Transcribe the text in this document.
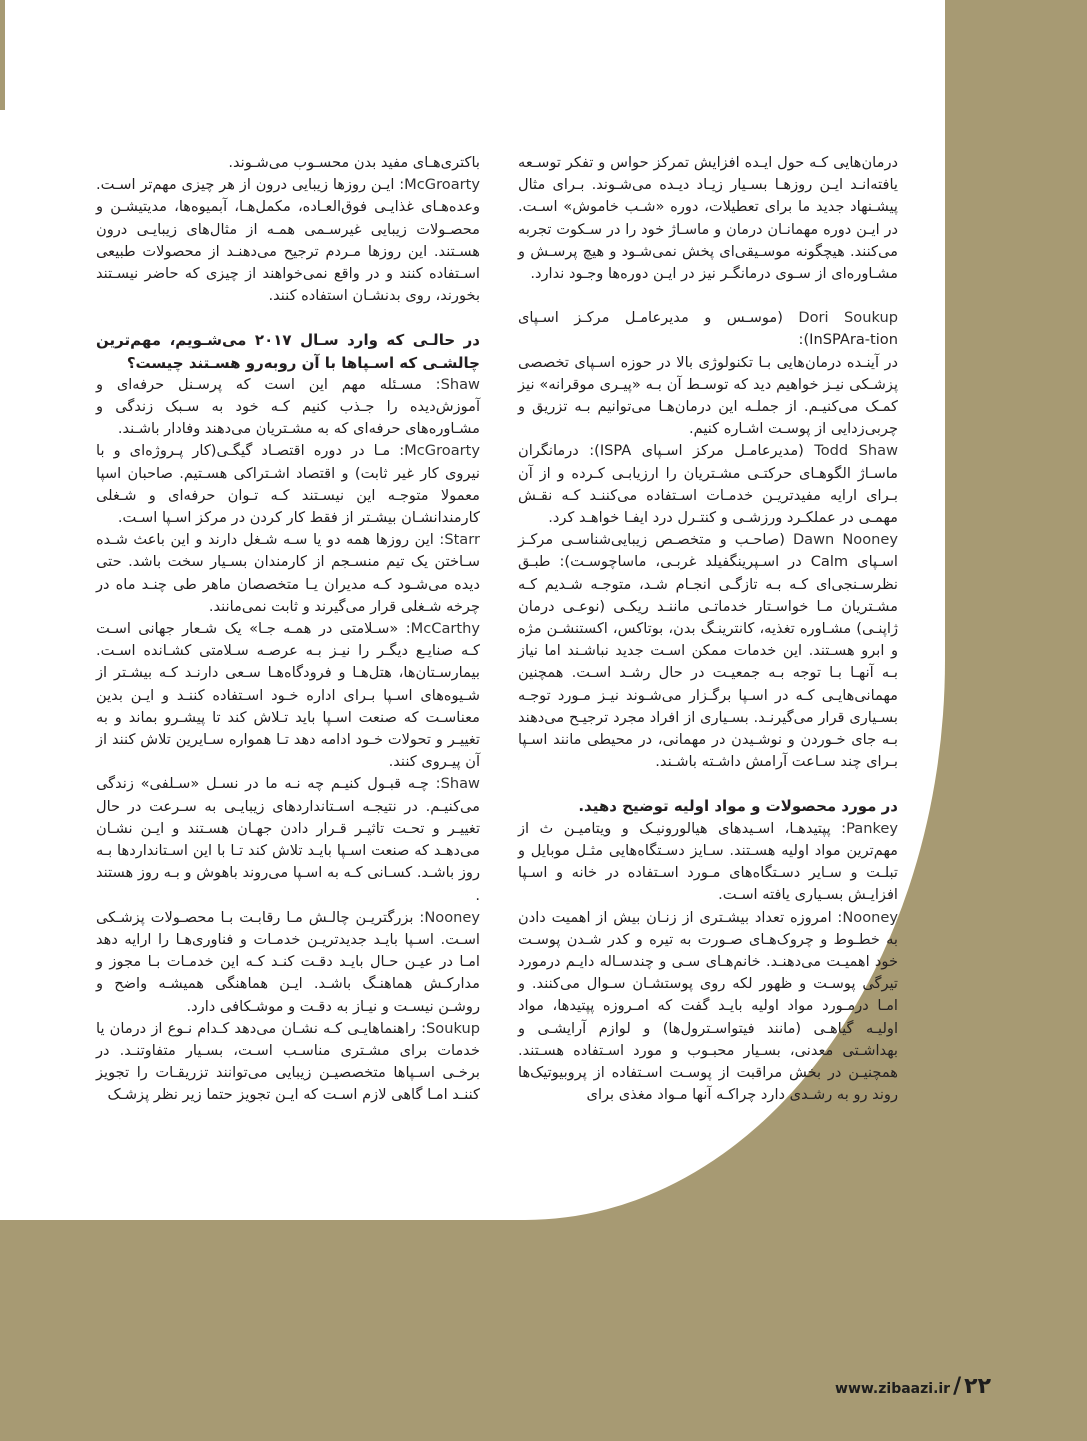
درمان‌هایی کـه حول ایـده افزایش تمرکز حواس و تفکر توسـعه یافته‌انـد ایـن روزهـا بسـیار زیـاد دیـده می‌شـوند. بـرای مثال پیشـنهاد جدید ما برای تعطیلات، دوره «شـب خاموش» اسـت. در ایـن دوره مهمانـان درمان و ماسـاژ خود را در سـکوت تجربه می‌کنند. هیچگونه موسـیقی‌ای پخش نمی‌شـود و هیچ پرسـش و مشـاوره‌ای از سـوی درمانگـر نیز در ایـن دوره‌ها وجـود ندارد.

Dori Soukup (موسـس و مدیرعامـل مرکـز اسـپای InSPAra-tion):

در آینـده درمان‌هایی بـا تکنولوژی بالا در حوزه اسـپای تخصصی پزشـکی نیـز خواهیم دید که توسـط آن بـه «پیـری موقرانه» نیز کمـک می‌کنیـم. از جملـه این درمان‌هـا می‌توانیم بـه تزریق و چربی‌زدایی از پوسـت اشـاره کنیم.

Todd Shaw (مدیرعامـل مرکز اسـپای ISPA): درمانگران ماسـاژ الگوهـای حرکتـی مشـتریان را ارزیابـی کـرده و از آن بـرای ارایه مفیدتریـن خدمـات اسـتفاده می‌کننـد کـه نقـش مهمـی در عملکـرد ورزشـی و کنتـرل درد ایفـا خواهـد کرد.

Dawn Nooney (صاحـب و متخصـص زیبایی‌شناسـی مرکـز اسـپای Calm در اسـپرینگفیلد غربـی، ماساچوسـت): طبـق نظرسـنجی‌ای کـه بـه تازگـی انجـام شـد، متوجـه شـدیم کـه مشـتریان مـا خواسـتار خدماتـی ماننـد ریکـی (نوعـی درمان ژاپنـی) مشـاوره تغذیه، کانترینـگ بدن، بوتاکس، اکستنشـن مژه و ابرو هسـتند. این خدمات ممکن اسـت جدید نباشـند اما نیاز بـه آنهـا بـا توجه بـه جمعیـت در حال رشـد اسـت. همچنین مهمانی‌هایـی کـه در اسـپا برگـزار می‌شـوند نیـز مـورد توجـه بسـیاری قرار می‌گیرنـد. بسـیاری از افراد مجرد ترجیـح می‌دهند بـه جای خـوردن و نوشـیدن در مهمانی، در محیطی مانند اسـپا بـرای چند سـاعت آرامش داشـته باشـند.

در مورد محصولات و مواد اولیه توضیح دهید.

Pankey: پپتیدهـا، اسـیدهای هیالورونیـک و ویتامیـن ث از مهم‌ترین مواد اولیه هسـتند. سـایز دسـتگاه‌هایی مثـل موبایل و تبلـت و سـایر دسـتگاه‌های مـورد اسـتفاده در خانه و اسـپا افزایـش بسـیاری یافته اسـت.

Nooney: امروزه تعداد بیشـتری از زنـان بیش از اهمیت دادن به خطـوط و چروک‌هـای صـورت به تیره و کدر شـدن پوسـت خود اهمیـت می‌دهنـد. خانم‌هـای سـی و چندسـاله دایـم درمورد تیرگی پوسـت و ظهور لکه روی پوستشـان سـوال می‌کنند. و امـا درمـورد مواد اولیه بایـد گفت که امـروزه پپتیدها، مواد اولیـه گیاهـی (مانند فیتواسـترول‌ها) و لوازم آرایشـی و بهداشـتی معدنی، بسـیار محبـوب و مورد اسـتفاده هسـتند. همچنیـن در بخش مراقبت از پوسـت اسـتفاده از پروبیوتیک‌ها روند رو به رشـدی دارد چراکـه آنها مـواد مغذی برای

باکتری‌هـای مفید بدن محسـوب می‌شـوند.

McGroarty: ایـن روزها زیبایی درون از هر چیزی مهم‌تر اسـت. وعده‌هـای غذایـی فوق‌العـاده، مکمل‌هـا، آبمیوه‌ها، مدیتیشـن و محصـولات زیبایی غیرسـمی همـه از مثال‌های زیبایـی درون هسـتند. این روزها مـردم ترجیح می‌دهنـد از محصولات طبیعی اسـتفاده کنند و در واقع نمی‌خواهند از چیزی که حاضر نیسـتند بخورند، روی بدنشـان استفاده کنند.

در حالـی که وارد سـال ۲۰۱۷ می‌شـویم، مهم‌ترین چالشـی که اسـپاها با آن روبه‌رو هسـتند چیست؟

Shaw: مسـئله مهم این است که پرسـنل حرفه‌ای و آموزش‌دیده را جـذب کنیم کـه خود به سـبک زندگی و مشـاوره‌های حرفه‌ای که به مشـتریان می‌دهند وفادار باشـند.

McGroarty: مـا در دوره اقتصـاد گیگـی(کار پـروژه‌ای و با نیروی کار غیر ثابت) و اقتصاد اشـتراکی هسـتیم. صاحبان اسپا معمولا متوجـه این نیسـتند کـه تـوان حرفه‌ای و شـغلی کارمندانشـان بیشـتر از فقط کار کردن در مرکز اسـپا اسـت.

Starr: این روزها همه دو یا سـه شـغل دارند و این باعث شـده سـاختن یک تیم منسـجم از کارمندان بسـیار سخت باشد. حتی دیده می‌شـود کـه مدیران یـا متخصصان ماهر طی چنـد ماه در چرخه شـغلی قرار می‌گیرند و ثابت نمی‌مانند.

McCarthy: «سـلامتی در همـه جـا» یک شـعار جهانی اسـت کـه صنایـع دیگـر را نیـز بـه عرصـه سـلامتی کشـانده اسـت. بیمارسـتان‌ها، هتل‌هـا و فرودگاه‌هـا سـعی دارنـد کـه بیشـتر از شـیوه‌های اسـپا بـرای اداره خـود اسـتفاده کننـد و ایـن بدین معناسـت که صنعت اسـپا باید تـلاش کند تا پیشـرو بماند و به تغییـر و تحولات خـود ادامه دهد تـا همواره سـایرین تلاش کنند از آن پیـروی کنند.

Shaw: چـه قبـول کنیـم چه نـه ما در نسـل «سـلفی» زندگی می‌کنیـم. در نتیجـه اسـتانداردهای زیبایـی به سـرعت در حال تغییـر و تحـت تاثیـر قـرار دادن جهـان هسـتند و ایـن نشـان می‌دهـد که صنعت اسـپا بایـد تلاش کند تـا با این اسـتانداردها بـه روز باشـد. کسـانی کـه به اسـپا می‌روند باهوش و بـه روز هستند .

Nooney: بزرگتریـن چالـش مـا رقابـت بـا محصـولات پزشـکی اسـت. اسـپا بایـد جدیدتریـن خدمـات و فناوری‌هـا را ارایه دهد امـا در عیـن حـال بایـد دقـت کنـد کـه این خدمـات بـا مجوز و مدارکـش هماهنـگ باشـد. ایـن هماهنگی همیشـه واضح و روشـن نیسـت و نیـاز به دقـت و موشـکافی دارد.

Soukup: راهنماهایـی کـه نشـان می‌دهد کـدام نـوع از درمان یا خدمات برای مشـتری مناسـب اسـت، بسـیار متفاوتنـد. در برخـی اسـپاها متخصصیـن زیبایی می‌توانند تزریقـات را تجویز کننـد امـا گاهی لازم اسـت که ایـن تجویز حتما زیر نظر پزشـک

www.zibaazi.ir / ۲۲
